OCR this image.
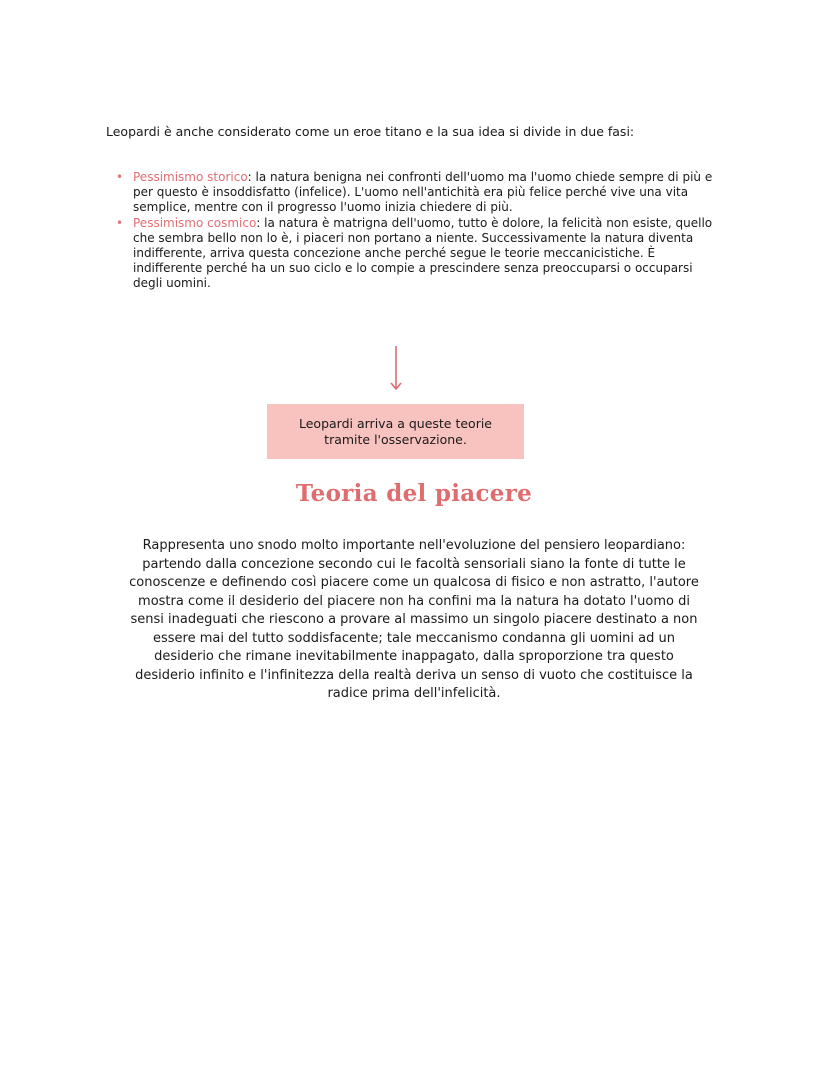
Leopardi è anche considerato come un eroe titano e la sua idea si divide in due fasi:

• Pessimismo storico: la natura benigna nei confronti dell'uomo ma l'uomo chiede sempre di più e per questo è insoddisfatto (infelice). L'uomo nell'antichità era più felice perché vive una vita semplice, mentre con il progresso l'uomo inizia chiedere di più.
• Pessimismo cosmico: la natura è matrigna dell'uomo, tutto è dolore, la felicità non esiste, quello che sembra bello non lo è, i piaceri non portano a niente. Successivamente la natura diventa indifferente, arriva questa concezione anche perché segue le teorie meccanicistiche. È indifferente perché ha un suo ciclo e lo compie a prescindere senza preoccuparsi o occuparsi degli uomini.
Leopardi arriva a queste teorie tramite l'osservazione.
Teoria del piacere

Rappresenta uno snodo molto importante nell'evoluzione del pensiero leopardiano: partendo dalla concezione secondo cui le facoltà sensoriali siano la fonte di tutte le conoscenze e definendo così piacere come un qualcosa di fisico e non astratto, l'autore mostra come il desiderio del piacere non ha confini ma la natura ha dotato l'uomo di sensi inadeguati che riescono a provare al massimo un singolo piacere destinato a non essere mai del tutto soddisfacente; tale meccanismo condanna gli uomini ad un desiderio che rimane inevitabilmente inappagato, dalla sproporzione tra questo desiderio infinito e l'infinitezza della realtà deriva un senso di vuoto che costituisce la radice prima dell'infelicità.
